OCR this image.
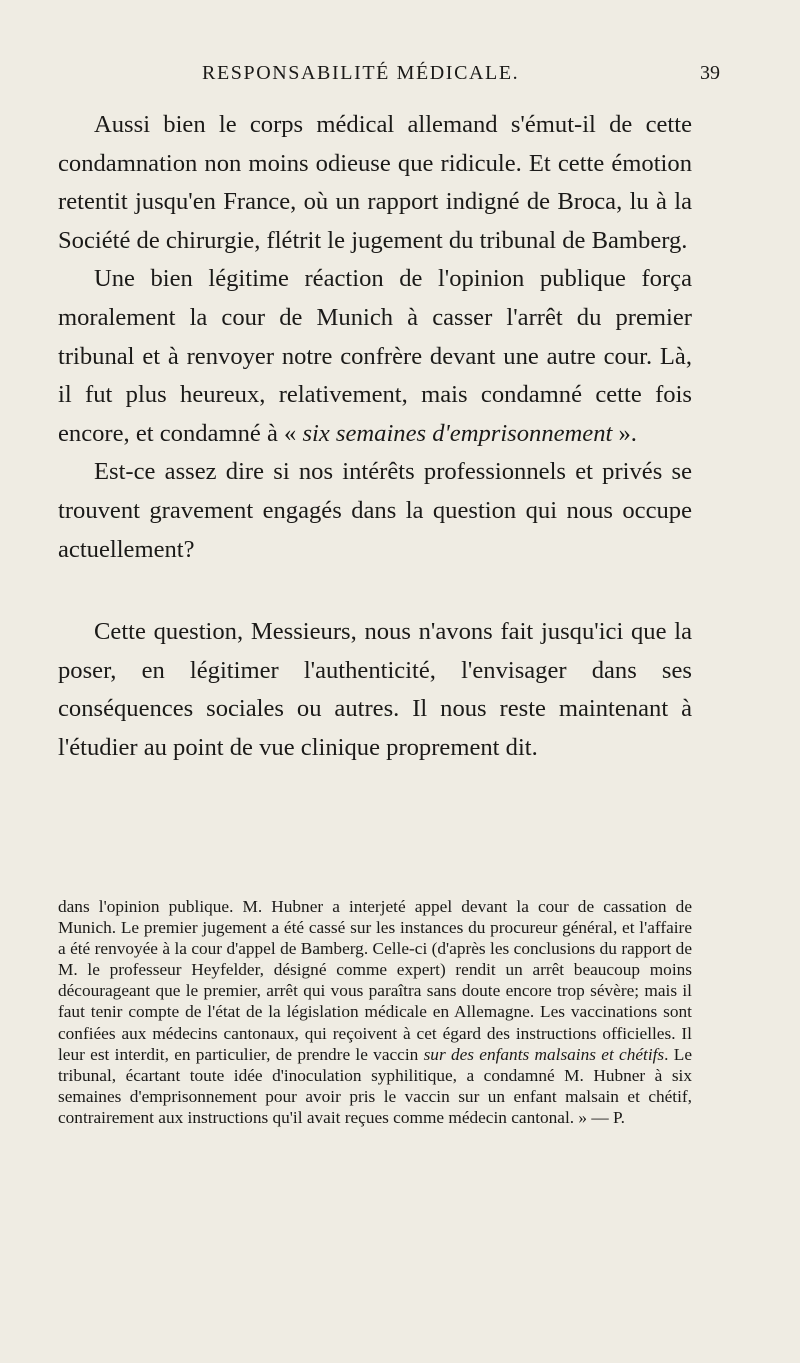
RESPONSABILITÉ MÉDICALE.	39

Aussi bien le corps médical allemand s'émut-il de cette condamnation non moins odieuse que ridicule. Et cette émotion retentit jusqu'en France, où un rapport indigné de Broca, lu à la Société de chirurgie, flétrit le jugement du tribunal de Bamberg.

Une bien légitime réaction de l'opinion publique força moralement la cour de Munich à casser l'arrêt du premier tribunal et à renvoyer notre confrère devant une autre cour. Là, il fut plus heureux, relativement, mais condamné cette fois encore, et condamné à « six semaines d'emprisonnement ».

Est-ce assez dire si nos intérêts professionnels et privés se trouvent gravement engagés dans la question qui nous occupe actuellement?

Cette question, Messieurs, nous n'avons fait jusqu'ici que la poser, en légitimer l'authenticité, l'envisager dans ses conséquences sociales ou autres. Il nous reste maintenant à l'étudier au point de vue clinique proprement dit.

dans l'opinion publique. M. Hubner a interjeté appel devant la cour de cassation de Munich. Le premier jugement a été cassé sur les instances du procureur général, et l'affaire a été renvoyée à la cour d'appel de Bamberg. Celle-ci (d'après les conclusions du rapport de M. le professeur Heyfelder, désigné comme expert) rendit un arrêt beaucoup moins décourageant que le premier, arrêt qui vous paraîtra sans doute encore trop sévère; mais il faut tenir compte de l'état de la législation médicale en Allemagne. Les vaccinations sont confiées aux médecins cantonaux, qui reçoivent à cet égard des instructions officielles. Il leur est interdit, en particulier, de prendre le vaccin sur des enfants malsains et chétifs. Le tribunal, écartant toute idée d'inoculation syphilitique, a condamné M. Hubner à six semaines d'emprisonnement pour avoir pris le vaccin sur un enfant malsain et chétif, contrairement aux instructions qu'il avait reçues comme médecin cantonal. » — P.
